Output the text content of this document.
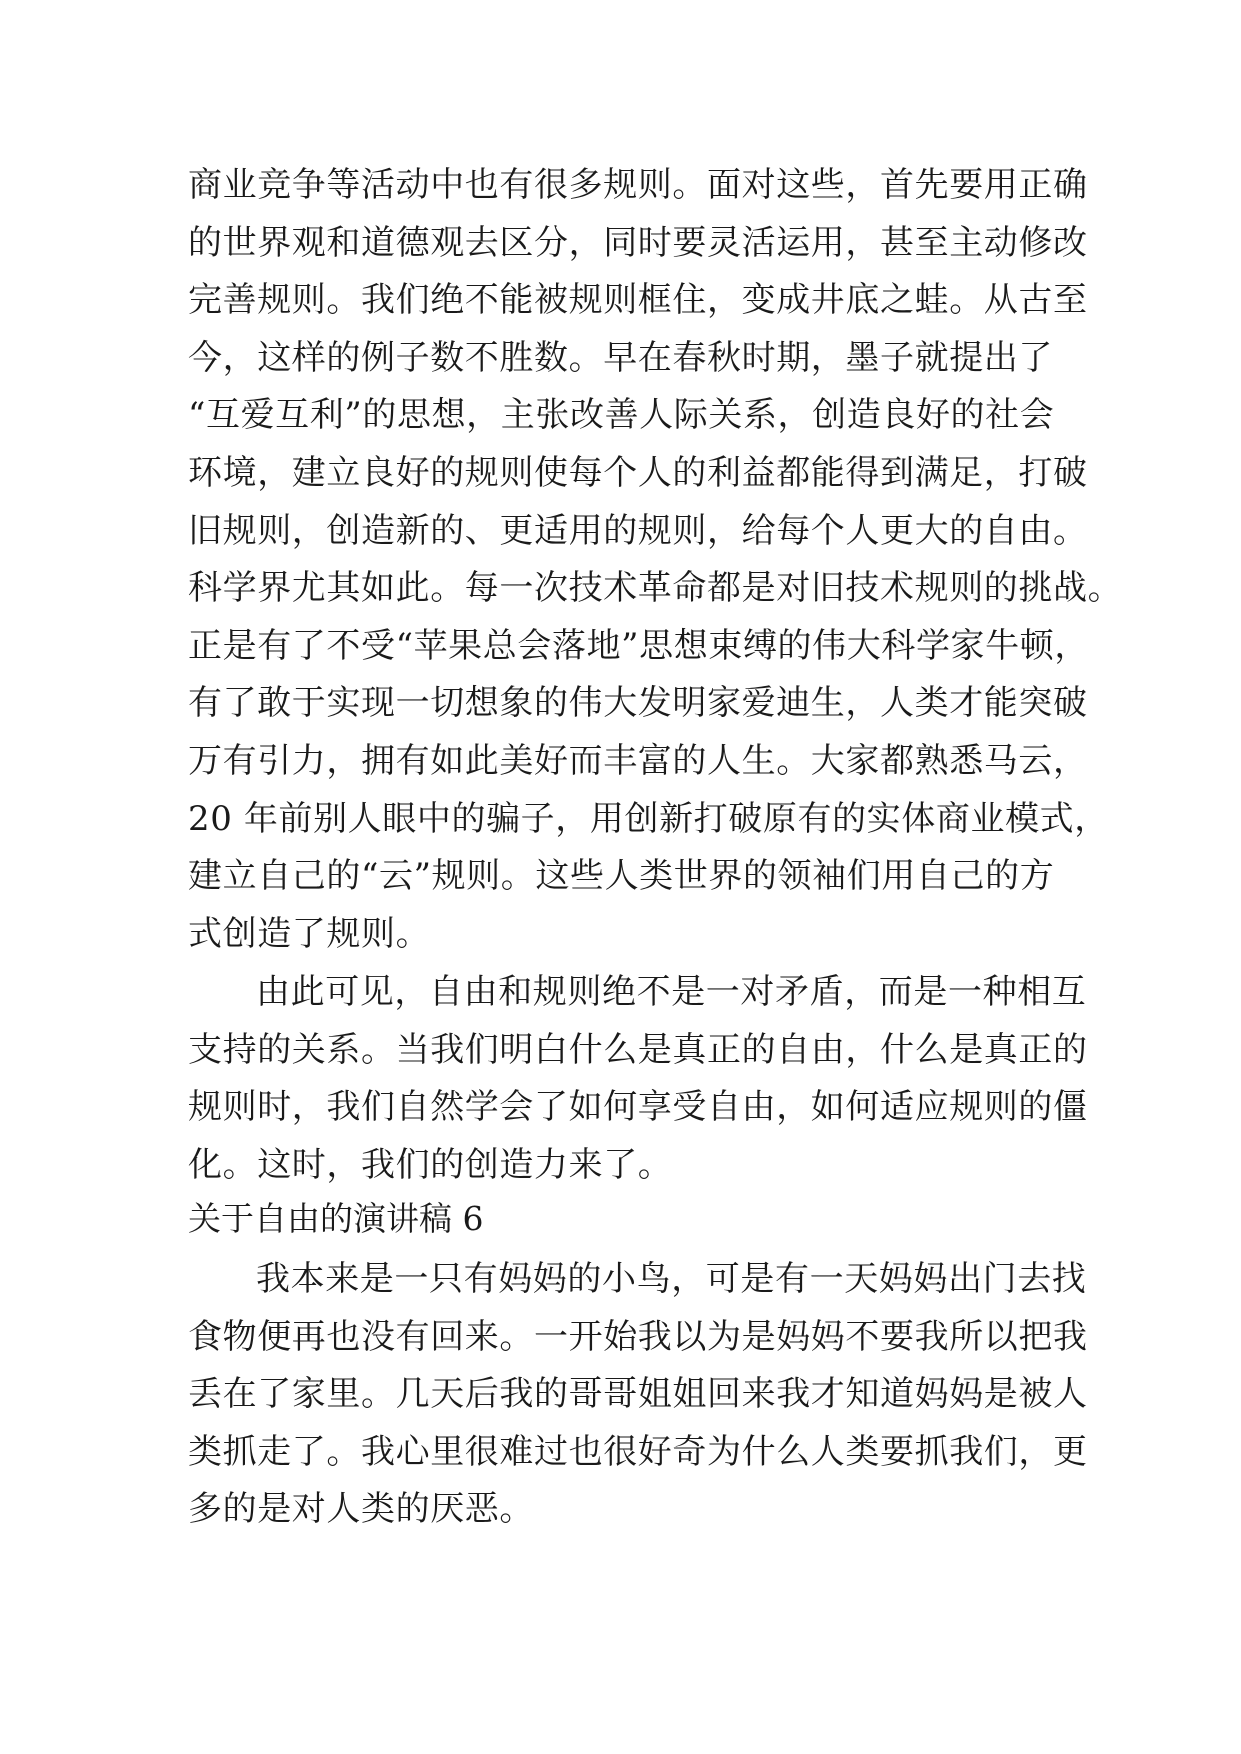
商业竞争等活动中也有很多规则。面对这些，首先要用正确
的世界观和道德观去区分，同时要灵活运用，甚至主动修改
完善规则。我们绝不能被规则框住，变成井底之蛙。从古至
今，这样的例子数不胜数。早在春秋时期，墨子就提出了
“互爱互利”的思想，主张改善人际关系，创造良好的社会
环境，建立良好的规则使每个人的利益都能得到满足，打破
旧规则，创造新的、更适用的规则，给每个人更大的自由。
科学界尤其如此。每一次技术革命都是对旧技术规则的挑战。
正是有了不受“苹果总会落地”思想束缚的伟大科学家牛顿，
有了敢于实现一切想象的伟大发明家爱迪生，人类才能突破
万有引力，拥有如此美好而丰富的人生。大家都熟悉马云，
20 年前别人眼中的骗子，用创新打破原有的实体商业模式，
建立自己的“云”规则。这些人类世界的领袖们用自己的方
式创造了规则。
由此可见，自由和规则绝不是一对矛盾，而是一种相互
支持的关系。当我们明白什么是真正的自由，什么是真正的
规则时，我们自然学会了如何享受自由，如何适应规则的僵
化。这时，我们的创造力来了。
关于自由的演讲稿 6
我本来是一只有妈妈的小鸟，可是有一天妈妈出门去找
食物便再也没有回来。一开始我以为是妈妈不要我所以把我
丢在了家里。几天后我的哥哥姐姐回来我才知道妈妈是被人
类抓走了。我心里很难过也很好奇为什么人类要抓我们，更
多的是对人类的厌恶。
